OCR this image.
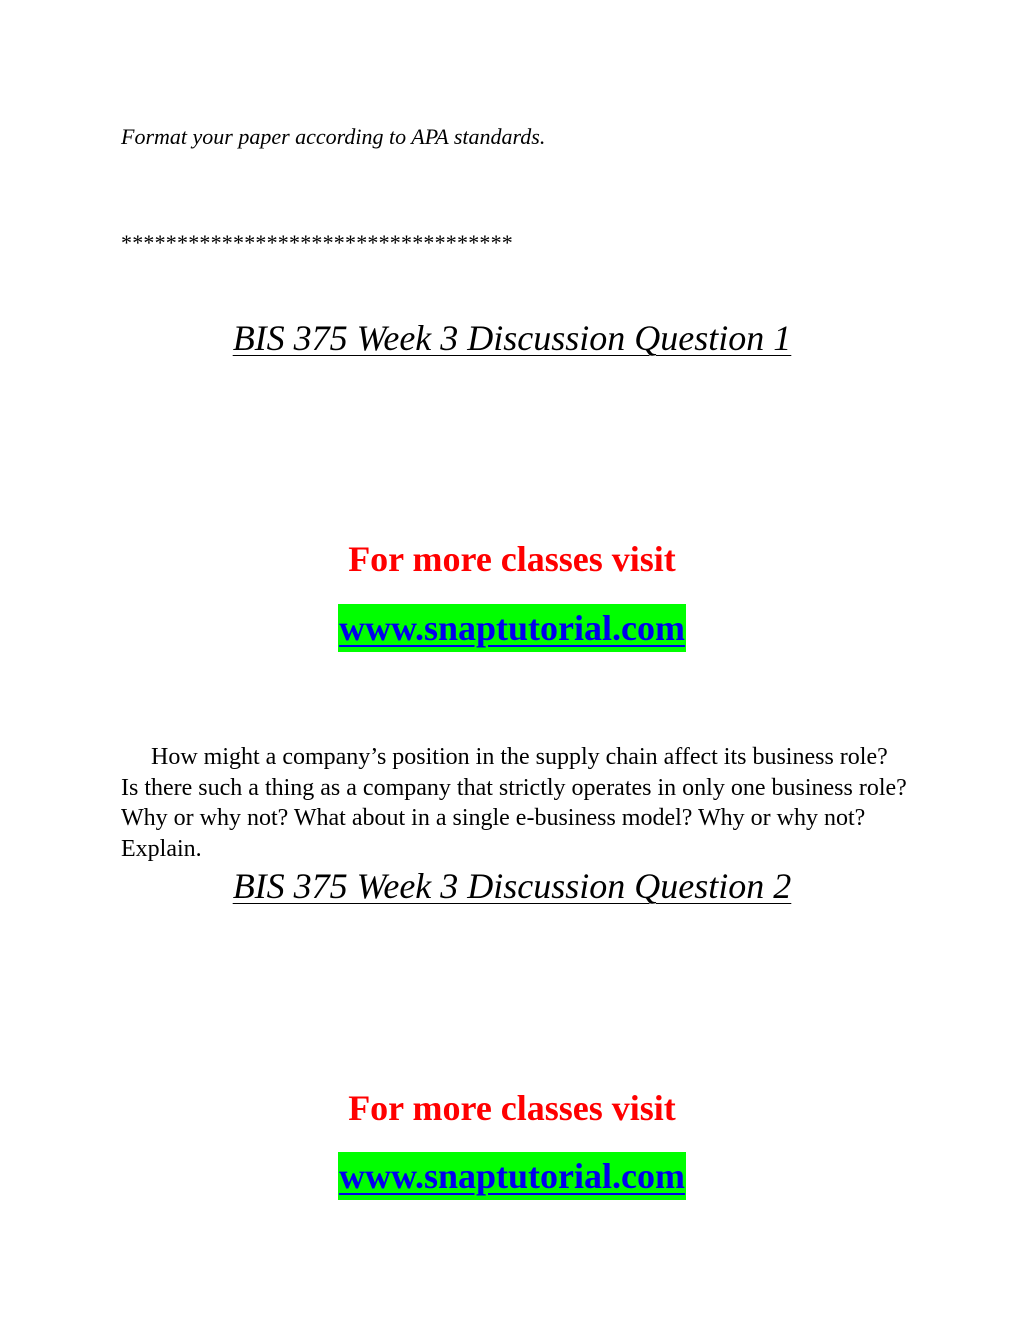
Format your paper according to APA standards.
***********************************
BIS 375 Week 3 Discussion Question 1
For more classes visit
www.snaptutorial.com

How might a company’s position in the supply chain affect its business role? Is there such a thing as a company that strictly operates in only one business role? Why or why not? What about in a single e-business model? Why or why not? Explain.

BIS 375 Week 3 Discussion Question 2
For more classes visit
www.snaptutorial.com
